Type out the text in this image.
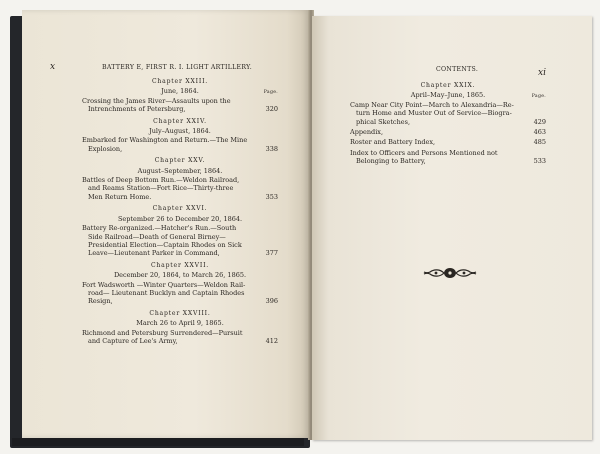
x	BATTERY E, FIRST R. I. LIGHT ARTILLERY.
Chapter XXIII.
June, 1864.	Page.
Crossing the James River—Assaults upon the Intrenchments of Petersburg,	320
Chapter XXIV.
July–August, 1864.
Embarked for Washington and Return.—The Mine Explosion,	338
Chapter XXV.
August–September, 1864.
Battles of Deep Bottom Run.—Weldon Railroad, and Reams Station—Fort Rice—Thirty-three Men Return Home.	353
Chapter XXVI.
September 26 to December 20, 1864.
Battery Re-organized.—Hatcher's Run.—South Side Railroad—Death of General Birney—Presidential Election—Captain Rhodes on Sick Leave—Lieutenant Parker in Command,	377
Chapter XXVII.
December 20, 1864, to March 26, 1865.
Fort Wadsworth —Winter Quarters—Weldon Railroad— Lieutenant Bucklyn and Captain Rhodes Resign,	396
Chapter XXVIII.
March 26 to April 9, 1865.
Richmond and Petersburg Surrendered—Pursuit and Capture of Lee's Army,	412
CONTENTS.	xi
Chapter XXIX.
April–May–June, 1865.	Page.
Camp Near City Point—March to Alexandria—Return Home and Muster Out of Service—Biographical Sketches,	429
Appendix,	463
Roster and Battery Index,	485
Index to Officers and Persons Mentioned not Belonging to Battery,	533
